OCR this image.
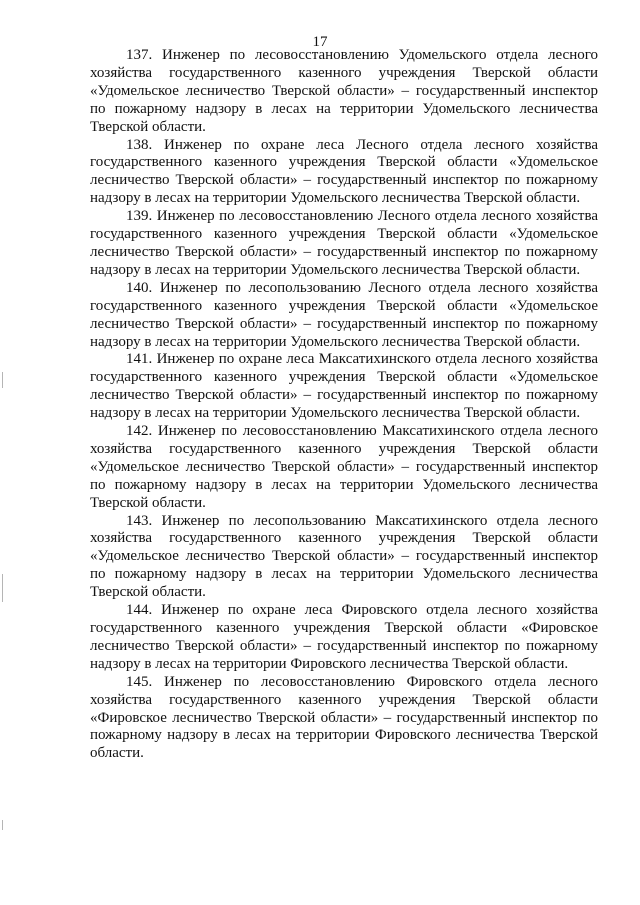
17

137. Инженер по лесовосстановлению Удомельского отдела лесного хозяйства государственного казенного учреждения Тверской области «Удомельское лесничество Тверской области» – государственный инспектор по пожарному надзору в лесах на территории Удомельского лесничества Тверской области.

138. Инженер по охране леса Лесного отдела лесного хозяйства государственного казенного учреждения Тверской области «Удомельское лесничество Тверской области» – государственный инспектор по пожарному надзору в лесах на территории Удомельского лесничества Тверской области.

139. Инженер по лесовосстановлению Лесного отдела лесного хозяйства государственного казенного учреждения Тверской области «Удомельское лесничество Тверской области» – государственный инспектор по пожарному надзору в лесах на территории Удомельского лесничества Тверской области.

140. Инженер по лесопользованию Лесного отдела лесного хозяйства государственного казенного учреждения Тверской области «Удомельское лесничество Тверской области» – государственный инспектор по пожарному надзору в лесах на территории Удомельского лесничества Тверской области.

141. Инженер по охране леса Максатихинского отдела лесного хозяйства государственного казенного учреждения Тверской области «Удомельское лесничество Тверской области» – государственный инспектор по пожарному надзору в лесах на территории Удомельского лесничества Тверской области.

142. Инженер по лесовосстановлению Максатихинского отдела лесного хозяйства государственного казенного учреждения Тверской области «Удомельское лесничество Тверской области» – государственный инспектор по пожарному надзору в лесах на территории Удомельского лесничества Тверской области.

143. Инженер по лесопользованию Максатихинского отдела лесного хозяйства государственного казенного учреждения Тверской области «Удомельское лесничество Тверской области» – государственный инспектор по пожарному надзору в лесах на территории Удомельского лесничества Тверской области.

144. Инженер по охране леса Фировского отдела лесного хозяйства государственного казенного учреждения Тверской области «Фировское лесничество Тверской области» – государственный инспектор по пожарному надзору в лесах на территории Фировского лесничества Тверской области.

145. Инженер по лесовосстановлению Фировского отдела лесного хозяйства государственного казенного учреждения Тверской области «Фировское лесничество Тверской области» – государственный инспектор по пожарному надзору в лесах на территории Фировского лесничества Тверской области.
